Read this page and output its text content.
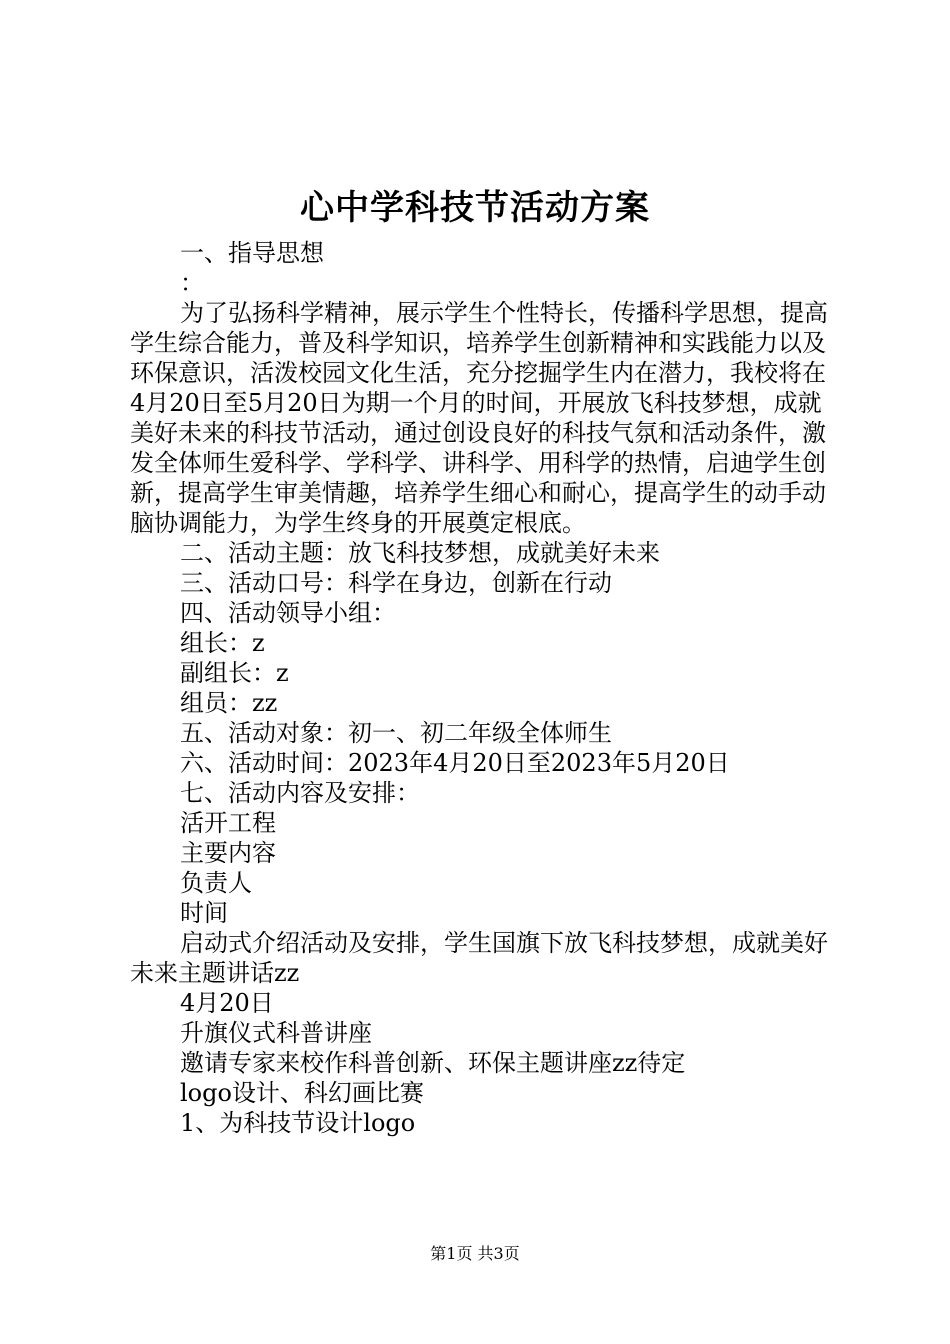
心中学科技节活动方案

一、指导思想

：

为了弘扬科学精神，展示学生个性特长，传播科学思想，提高学生综合能力，普及科学知识，培养学生创新精神和实践能力以及环保意识，活泼校园文化生活，充分挖掘学生内在潜力，我校将在4月20日至5月20日为期一个月的时间，开展放飞科技梦想，成就美好未来的科技节活动，通过创设良好的科技气氛和活动条件，激发全体师生爱科学、学科学、讲科学、用科学的热情，启迪学生创新，提高学生审美情趣，培养学生细心和耐心，提高学生的动手动脑协调能力，为学生终身的开展奠定根底。

二、活动主题：放飞科技梦想，成就美好未来

三、活动口号：科学在身边，创新在行动

四、活动领导小组：

组长：z

副组长：z

组员：zz

五、活动对象：初一、初二年级全体师生

六、活动时间：2023年4月20日至2023年5月20日

七、活动内容及安排：

活开工程

主要内容

负责人

时间

启动式介绍活动及安排，学生国旗下放飞科技梦想，成就美好未来主题讲话zz

4月20日

升旗仪式科普讲座

邀请专家来校作科普创新、环保主题讲座zz待定

logo设计、科幻画比赛

1、为科技节设计logo

第1页 共3页
